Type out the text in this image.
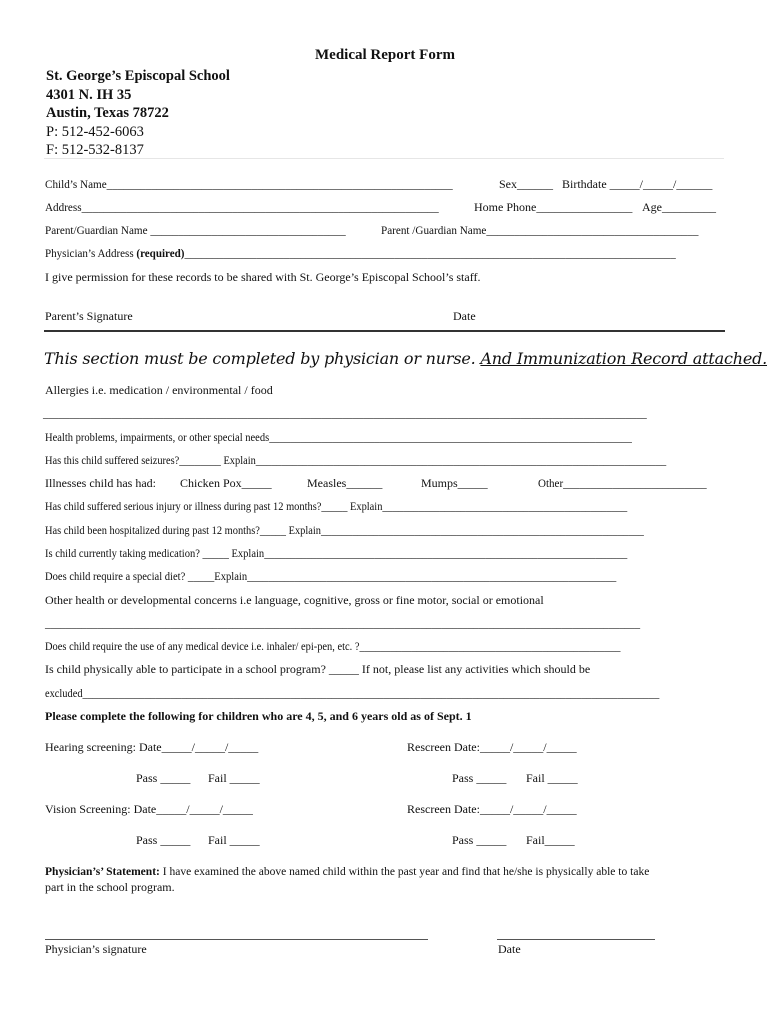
Medical Report Form
St. George’s Episcopal School
4301 N. IH 35
Austin, Texas 78722
P: 512-452-6063
F: 512-532-8137
Child’s Name______________________________________________________________	Sex______ Birthdate _____/_____/______
Address________________________________________________________________	Home Phone________________ Age_________
Parent/Guardian Name ___________________________________	Parent /Guardian Name______________________________________
Physician’s Address (required)_________________________________________________________________________________________
I give permission for these records to be shared with St. George’s Episcopal School’s staff.
Parent’s Signature	Date
This section must be completed by physician or nurse. And Immunization Record attached.
Allergies i.e. medication / environmental / food
___________________________________________________________________________________________________________________
Health problems, impairments, or other special needs_____________________________________________________________________
Has this child suffered seizures?________ Explain_______________________________________________________________________________
Illnesses child has had: Chicken Pox_____	Measles______	Mumps_____	Other__________________________
Has child suffered serious injury or illness during past 12 months?_____ Explain_______________________________________________
Has child been hospitalized during past 12 months?_____ Explain______________________________________________________________
Is child currently taking medication? _____ Explain_____________________________________________________________________
Does child require a special diet? _____Explain______________________________________________________________________
Other health or developmental concerns i.e language, cognitive, gross or fine motor, social or emotional
__________________________________________________________________________________________________________________
Does child require the use of any medical device i.e. inhaler/ epi-pen, etc. ?__________________________________________________
Is child physically able to participate in a school program? _____ If not, please list any activities which should be
excluded_______________________________________________________________________________________________________________
Please complete the following for children who are 4, 5, and 6 years old as of Sept. 1
Hearing screening: Date_____/_____/_____	Rescreen Date:_____/_____/_____
Pass _____ Fail _____	Pass _____ Fail _____
Vision Screening: Date_____/_____/_____	Rescreen Date:_____/_____/_____
Pass _____ Fail _____	Pass _____ Fail_____
Physician’s’ Statement: I have examined the above named child within the past year and find that he/she is physically able to take
part in the school program.
Physician’s signature	Date
